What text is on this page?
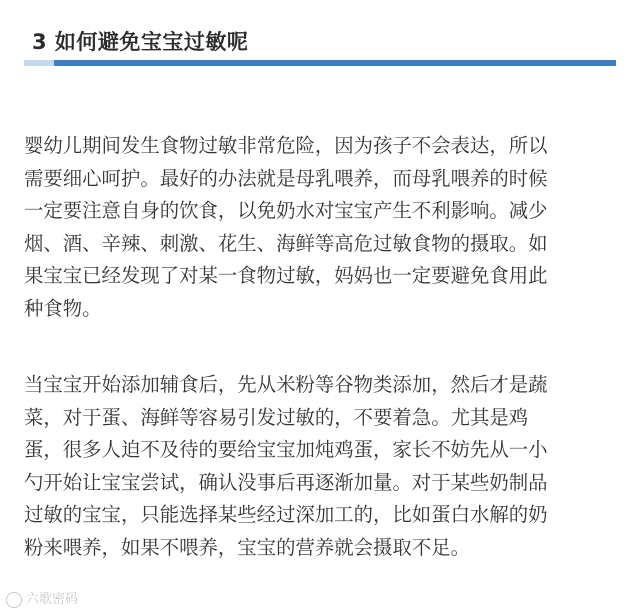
3 如何避免宝宝过敏呢
婴幼儿期间发生食物过敏非常危险，因为孩子不会表达，所以
需要细心呵护。最好的办法就是母乳喂养，而母乳喂养的时候
一定要注意自身的饮食，以免奶水对宝宝产生不利影响。减少
烟、酒、辛辣、刺激、花生、海鲜等高危过敏食物的摄取。如
果宝宝已经发现了对某一食物过敏，妈妈也一定要避免食用此
种食物。
当宝宝开始添加辅食后，先从米粉等谷物类添加，然后才是蔬
菜，对于蛋、海鲜等容易引发过敏的，不要着急。尤其是鸡
蛋，很多人迫不及待的要给宝宝加炖鸡蛋，家长不妨先从一小
勺开始让宝宝尝试，确认没事后再逐渐加量。对于某些奶制品
过敏的宝宝，只能选择某些经过深加工的，比如蛋白水解的奶
粉来喂养，如果不喂养，宝宝的营养就会摄取不足。
六歌密码
